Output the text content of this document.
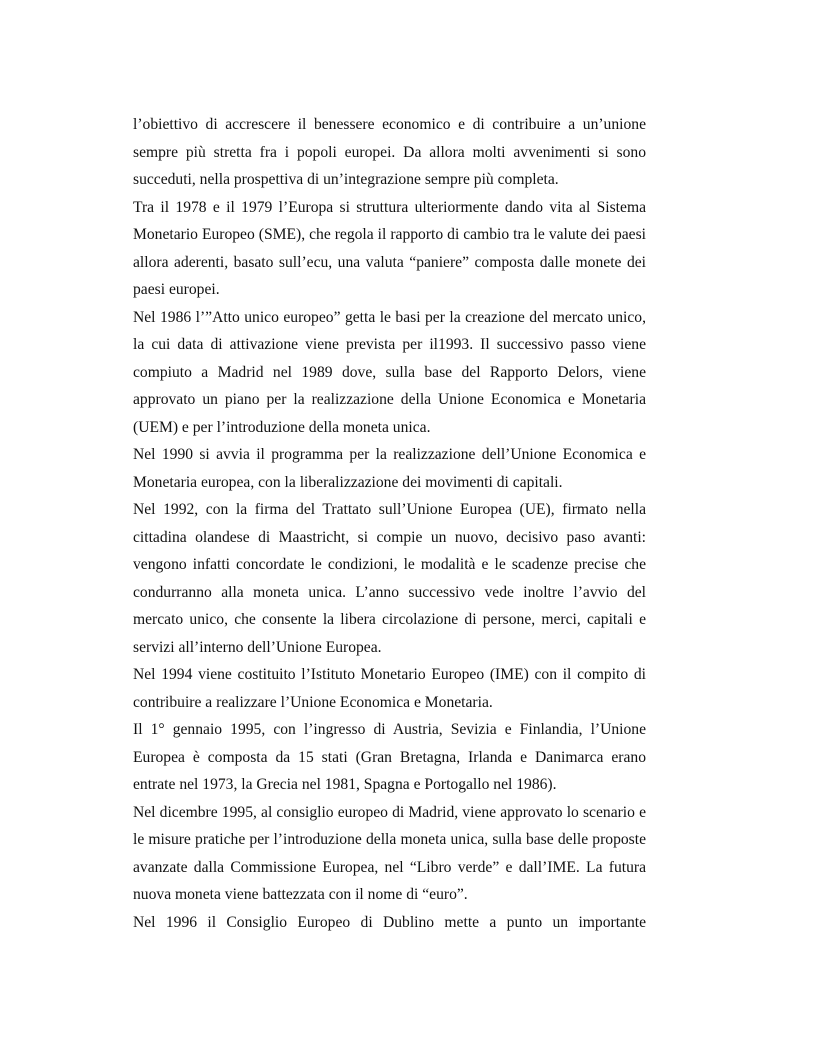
l’obiettivo di accrescere il benessere economico e di contribuire a un’unione sempre più stretta fra i popoli europei. Da allora molti avvenimenti si sono succeduti, nella prospettiva di un’integrazione sempre più completa.

Tra il 1978 e il 1979 l’Europa si struttura ulteriormente dando vita al Sistema Monetario Europeo (SME), che regola il rapporto di cambio tra le valute dei paesi allora aderenti, basato sull’ecu, una valuta “paniere” composta dalle monete dei paesi europei.

Nel 1986 l’”Atto unico europeo” getta le basi per la creazione del mercato unico, la cui data di attivazione viene prevista per il1993. Il successivo passo viene compiuto a Madrid nel 1989 dove, sulla base del Rapporto Delors, viene approvato un piano per la realizzazione della Unione Economica e Monetaria (UEM) e per l’introduzione della moneta unica.

Nel 1990 si avvia il programma per la realizzazione dell’Unione Economica e Monetaria europea, con la liberalizzazione dei movimenti di capitali.

Nel 1992, con la firma del Trattato sull’Unione Europea (UE), firmato nella cittadina olandese di Maastricht, si compie un nuovo, decisivo paso avanti: vengono infatti concordate le condizioni, le modalità e le scadenze precise che condurranno alla moneta unica. L’anno successivo vede inoltre l’avvio del mercato unico, che consente la libera circolazione di persone, merci, capitali e servizi all’interno dell’Unione Europea.

Nel 1994 viene costituito l’Istituto Monetario Europeo (IME) con il compito di contribuire a realizzare l’Unione Economica e Monetaria.

Il 1° gennaio 1995, con l’ingresso di Austria, Sevizia e Finlandia, l’Unione Europea è composta da 15 stati (Gran Bretagna, Irlanda e Danimarca erano entrate nel 1973, la Grecia nel 1981, Spagna e Portogallo nel 1986).

Nel dicembre 1995, al consiglio europeo di Madrid, viene approvato lo scenario e le misure pratiche per l’introduzione della moneta unica, sulla base delle proposte avanzate dalla Commissione Europea, nel “Libro verde” e dall’IME. La futura nuova moneta viene battezzata con il nome di “euro”.

Nel 1996 il Consiglio Europeo di Dublino mette a punto un importante
